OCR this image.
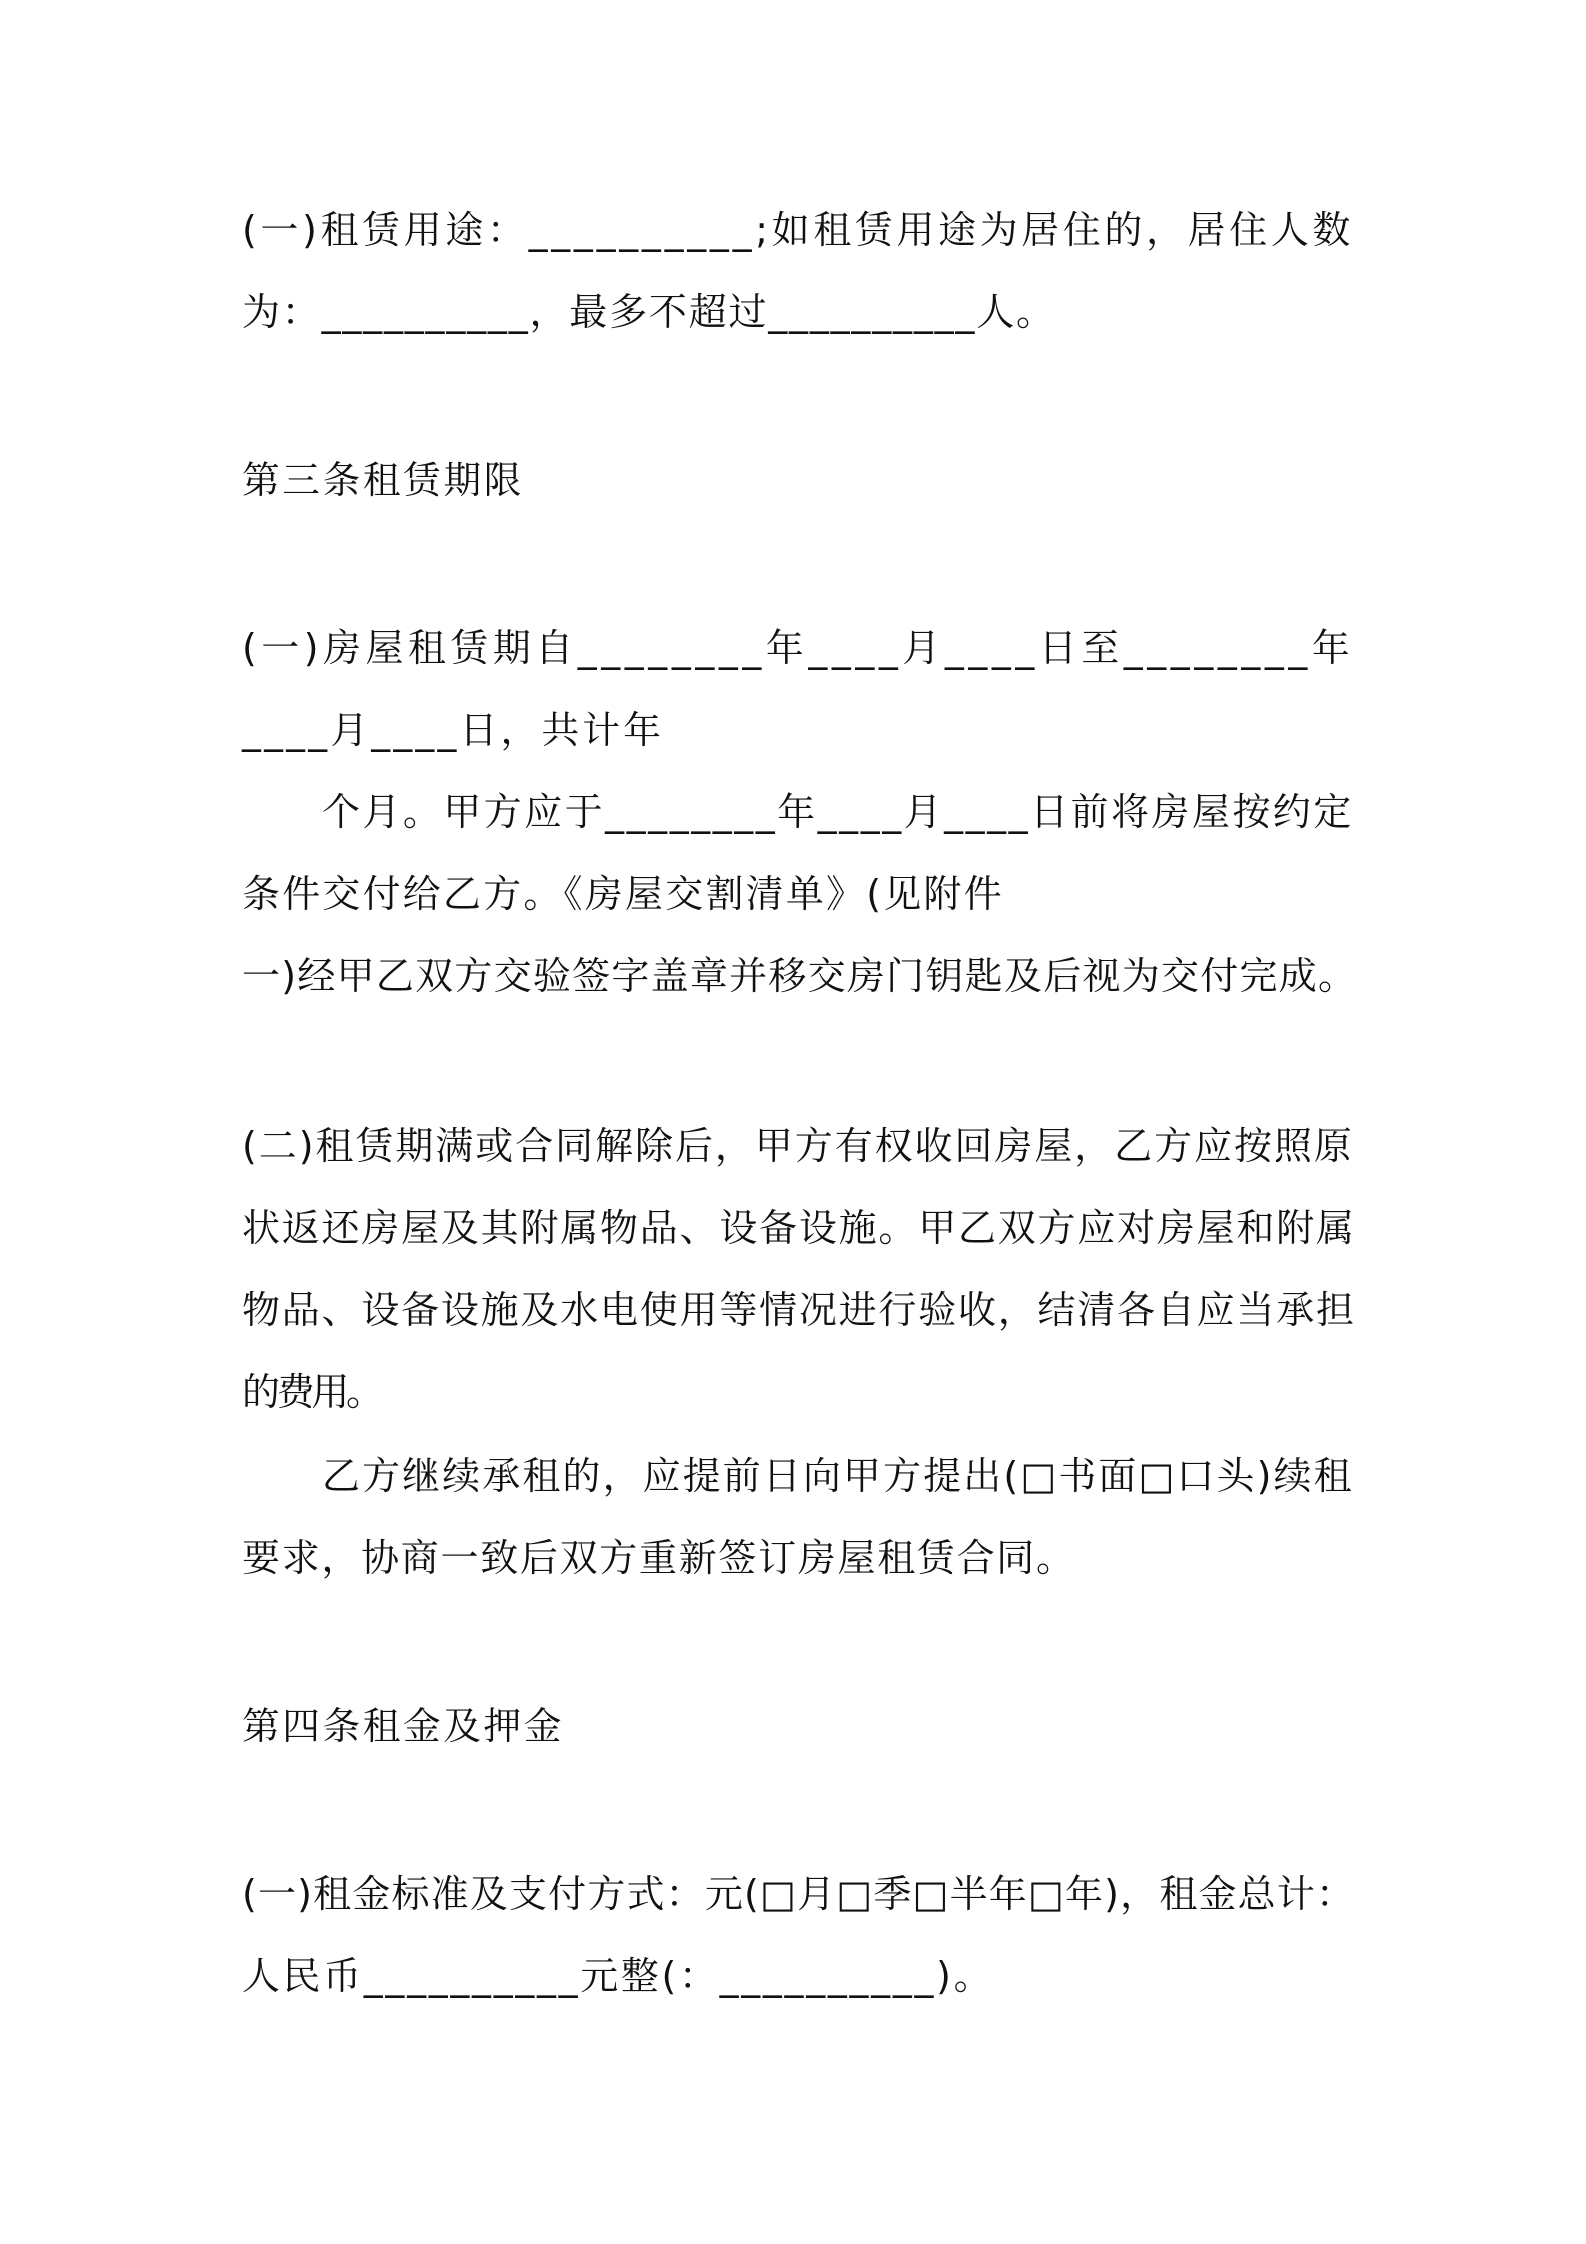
(一)租赁用途：__________;如租赁用途为居住的，居住人数
为：__________，最多不超过__________人。
第三条租赁期限
(一)房屋租赁期自________年____月____日至________年
____月____日，共计年
个月。甲方应于________年____月____日前将房屋按约定
条件交付给乙方。《房屋交割清单》(见附件
一)经甲乙双方交验签字盖章并移交房门钥匙及后视为交付完成。
(二)租赁期满或合同解除后，甲方有权收回房屋，乙方应按照原
状返还房屋及其附属物品、设备设施。甲乙双方应对房屋和附属
物品、设备设施及水电使用等情况进行验收，结清各自应当承担
的费用。
乙方继续承租的，应提前日向甲方提出(□书面□口头)续租
要求，协商一致后双方重新签订房屋租赁合同。
第四条租金及押金
(一)租金标准及支付方式：元(□月□季□半年□年)，租金总计：
人民币__________元整(：__________)。
